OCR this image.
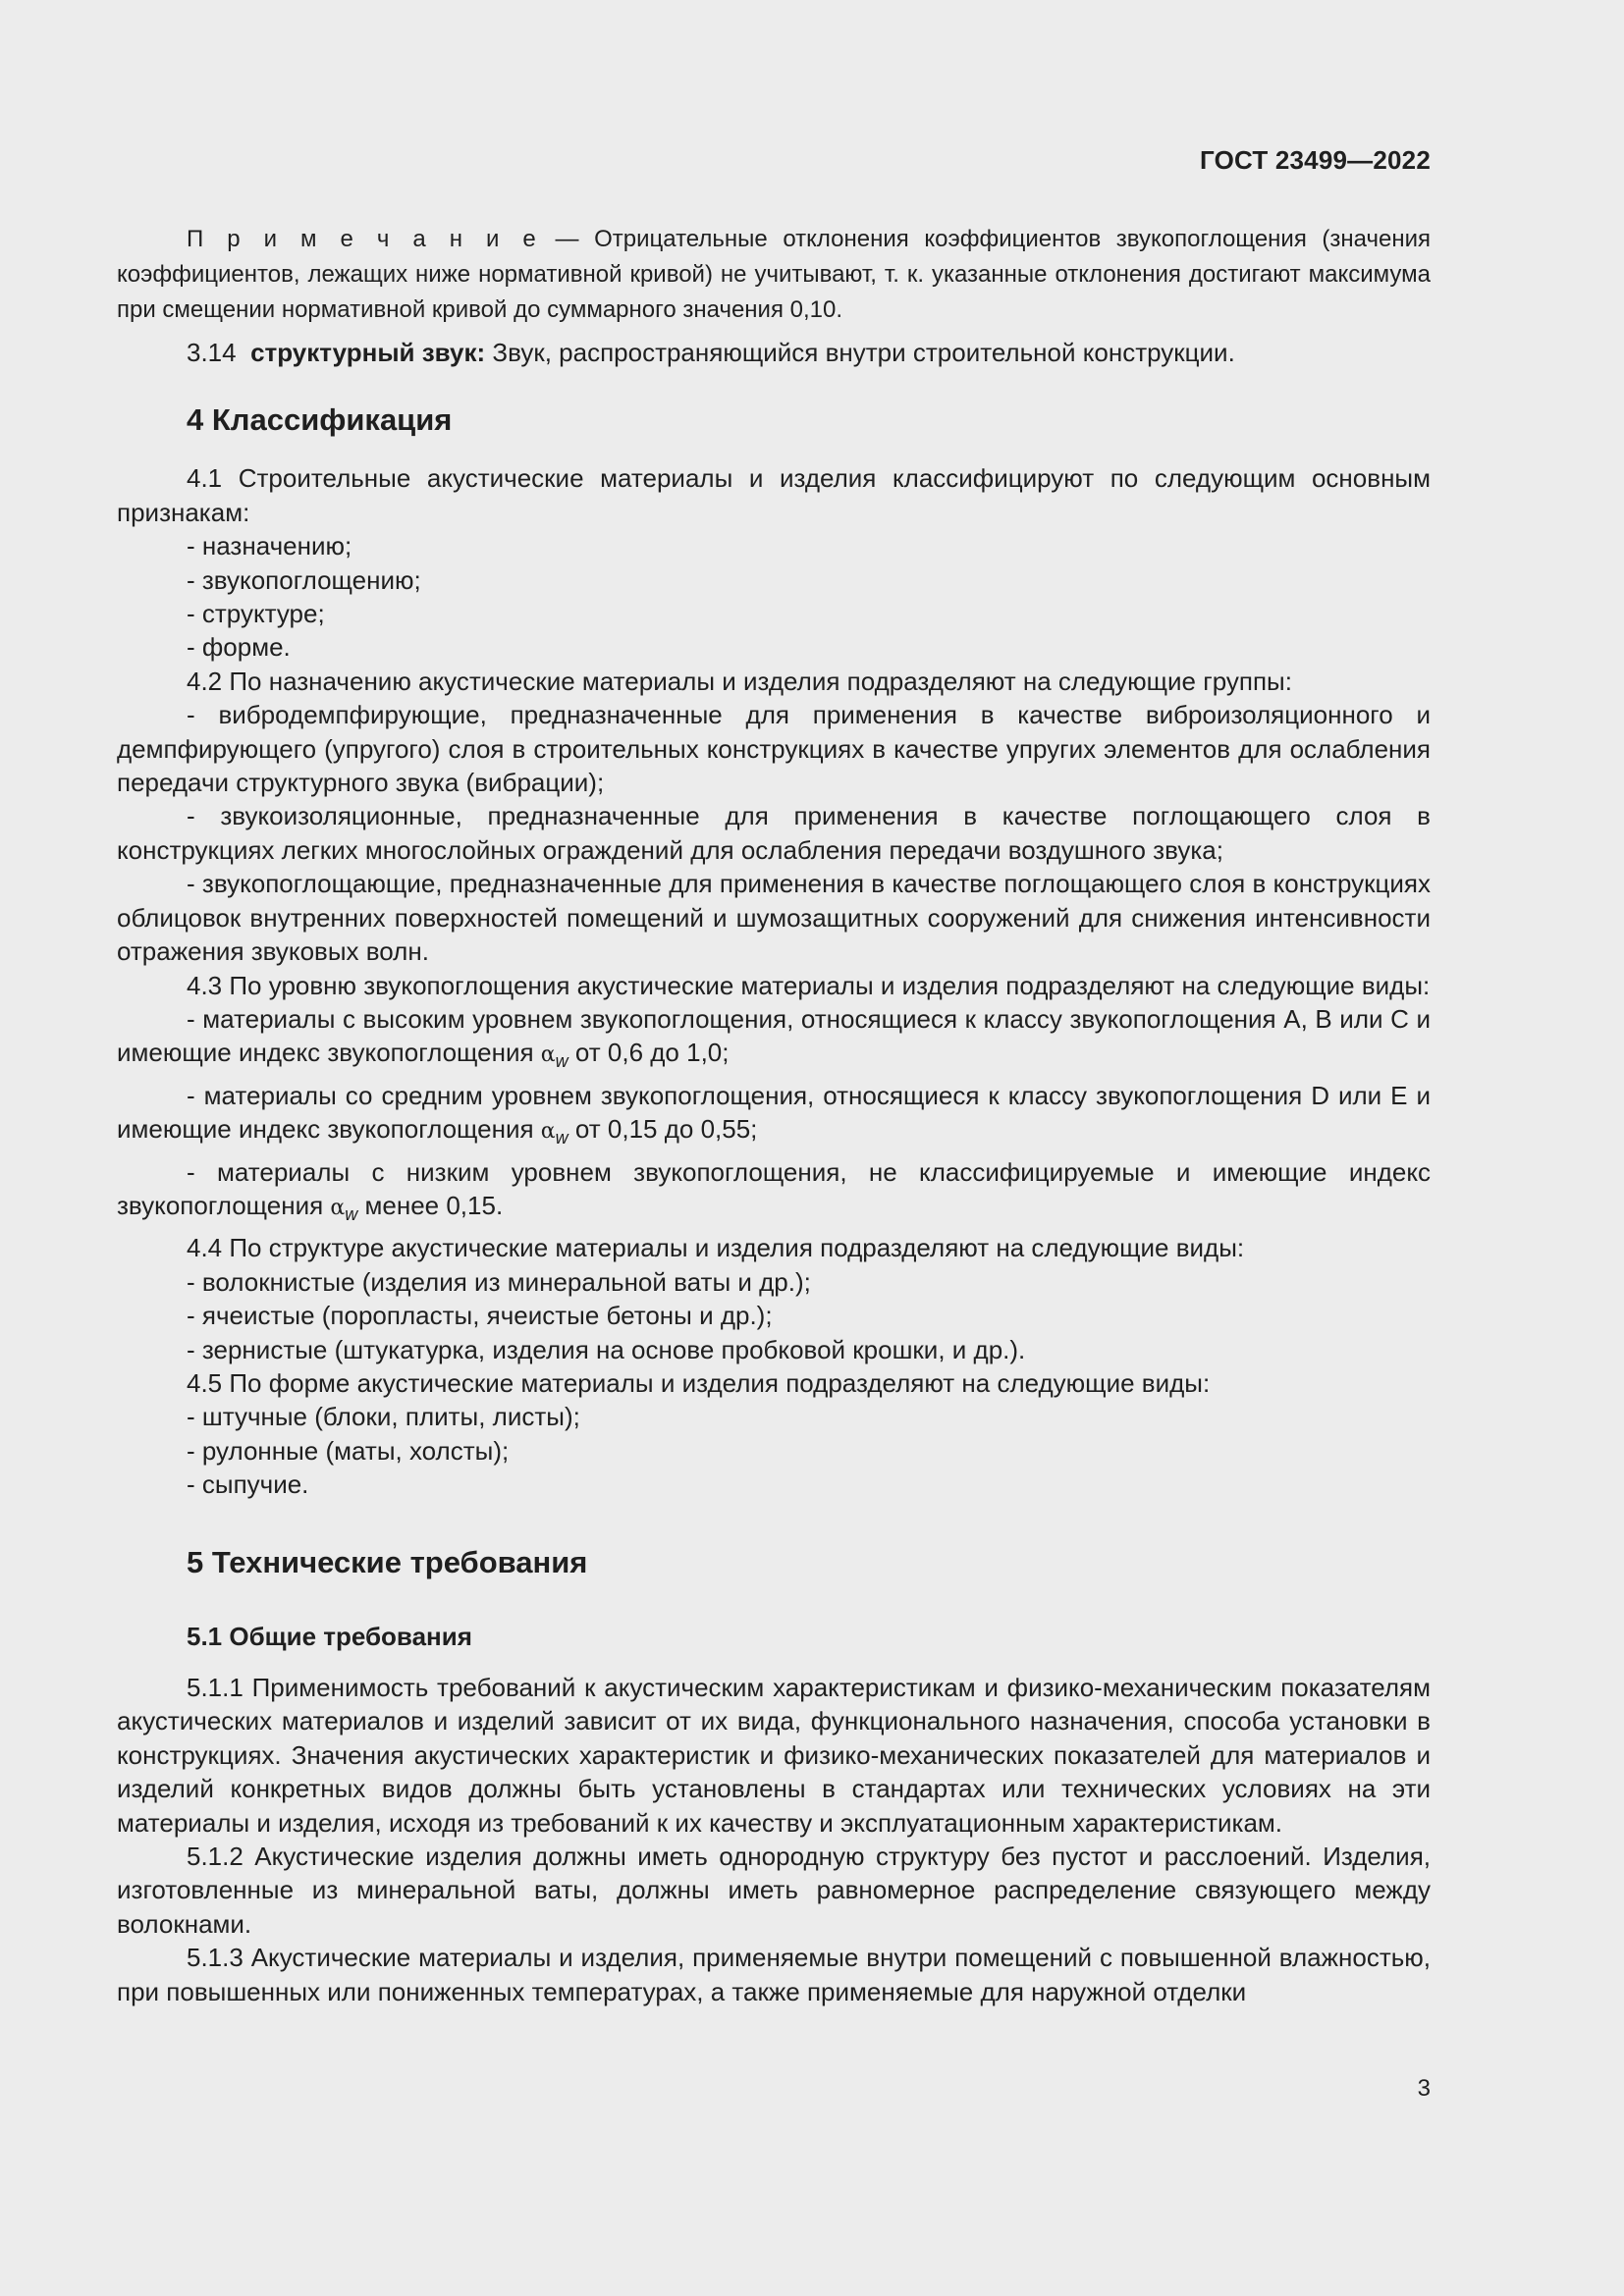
ГОСТ 23499—2022

П р и м е ч а н и е — Отрицательные отклонения коэффициентов звукопоглощения (значения коэффициентов, лежащих ниже нормативной кривой) не учитывают, т. к. указанные отклонения достигают максимума при смещении нормативной кривой до суммарного значения 0,10.

3.14 структурный звук: Звук, распространяющийся внутри строительной конструкции.

4 Классификация

4.1 Строительные акустические материалы и изделия классифицируют по следующим основным признакам:

- назначению;

- звукопоглощению;

- структуре;

- форме.

4.2 По назначению акустические материалы и изделия подразделяют на следующие группы:

- вибродемпфирующие, предназначенные для применения в качестве виброизоляционного и демпфирующего (упругого) слоя в строительных конструкциях в качестве упругих элементов для ослабления передачи структурного звука (вибрации);

- звукоизоляционные, предназначенные для применения в качестве поглощающего слоя в конструкциях легких многослойных ограждений для ослабления передачи воздушного звука;

- звукопоглощающие, предназначенные для применения в качестве поглощающего слоя в конструкциях облицовок внутренних поверхностей помещений и шумозащитных сооружений для снижения интенсивности отражения звуковых волн.

4.3 По уровню звукопоглощения акустические материалы и изделия подразделяют на следующие виды:

- материалы с высоким уровнем звукопоглощения, относящиеся к классу звукопоглощения A, B или C и имеющие индекс звукопоглощения $\alpha_w$ от 0,6 до 1,0;

- материалы со средним уровнем звукопоглощения, относящиеся к классу звукопоглощения D или E и имеющие индекс звукопоглощения $\alpha_w$ от 0,15 до 0,55;

- материалы с низким уровнем звукопоглощения, не классифицируемые и имеющие индекс звукопоглощения $\alpha_w$ менее 0,15.

4.4 По структуре акустические материалы и изделия подразделяют на следующие виды:

- волокнистые (изделия из минеральной ваты и др.);

- ячеистые (поропласты, ячеистые бетоны и др.);

- зернистые (штукатурка, изделия на основе пробковой крошки, и др.).

4.5 По форме акустические материалы и изделия подразделяют на следующие виды:

- штучные (блоки, плиты, листы);

- рулонные (маты, холсты);

- сыпучие.

5 Технические требования
5.1 Общие требования

5.1.1 Применимость требований к акустическим характеристикам и физико-механическим показателям акустических материалов и изделий зависит от их вида, функционального назначения, способа установки в конструкциях. Значения акустических характеристик и физико-механических показателей для материалов и изделий конкретных видов должны быть установлены в стандартах или технических условиях на эти материалы и изделия, исходя из требований к их качеству и эксплуатационным характеристикам.

5.1.2 Акустические изделия должны иметь однородную структуру без пустот и расслоений. Изделия, изготовленные из минеральной ваты, должны иметь равномерное распределение связующего между волокнами.

5.1.3 Акустические материалы и изделия, применяемые внутри помещений с повышенной влажностью, при повышенных или пониженных температурах, а также применяемые для наружной отделки

3
